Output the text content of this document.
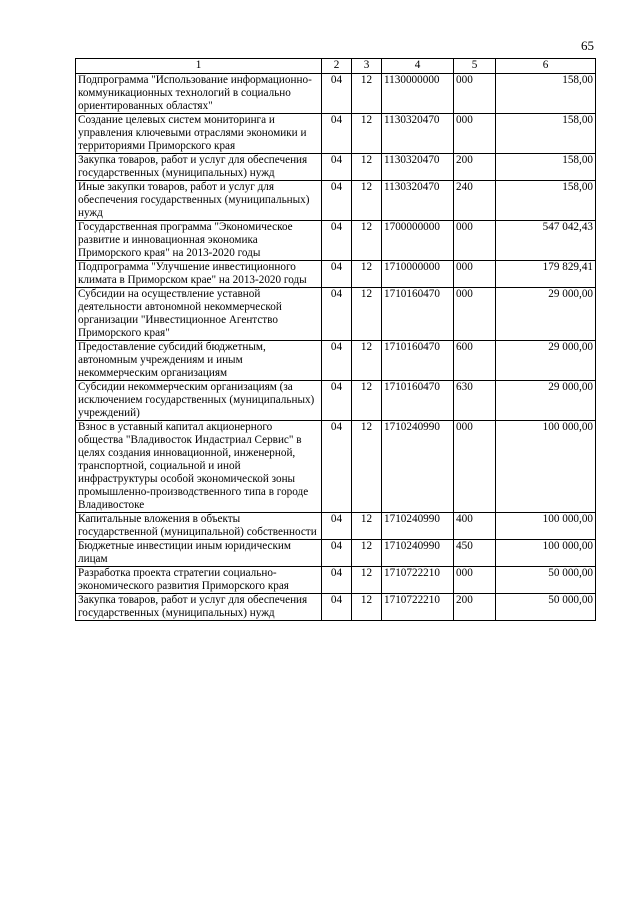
65
1	2	3	4	5	6
Подпрограмма "Использование информационно-коммуникационных технологий в социально ориентированных областях"	04	12	1130000000	000	158,00
Создание целевых систем мониторинга и управления ключевыми отраслями экономики и территориями Приморского края	04	12	1130320470	000	158,00
Закупка товаров, работ и услуг для обеспечения государственных (муниципальных) нужд	04	12	1130320470	200	158,00
Иные закупки товаров, работ и услуг для обеспечения государственных (муниципальных) нужд	04	12	1130320470	240	158,00
Государственная программа "Экономическое развитие и инновационная экономика Приморского края" на 2013-2020 годы	04	12	1700000000	000	547 042,43
Подпрограмма "Улучшение инвестиционного климата в Приморском крае" на 2013-2020 годы	04	12	1710000000	000	179 829,41
Субсидии на осуществление уставной деятельности автономной некоммерческой организации "Инвестиционное Агентство Приморского края"	04	12	1710160470	000	29 000,00
Предоставление субсидий бюджетным, автономным учреждениям и иным некоммерческим организациям	04	12	1710160470	600	29 000,00
Субсидии некоммерческим организациям (за исключением государственных (муниципальных) учреждений)	04	12	1710160470	630	29 000,00
Взнос в уставный капитал акционерного общества "Владивосток Индастриал Сервис" в целях создания инновационной, инженерной, транспортной, социальной и иной инфраструктуры особой экономической зоны промышленно-производственного типа в городе Владивостоке	04	12	1710240990	000	100 000,00
Капитальные вложения в объекты государственной (муниципальной) собственности	04	12	1710240990	400	100 000,00
Бюджетные инвестиции иным юридическим лицам	04	12	1710240990	450	100 000,00
Разработка проекта стратегии социально-экономического развития Приморского края	04	12	1710722210	000	50 000,00
Закупка товаров, работ и услуг для обеспечения государственных (муниципальных) нужд	04	12	1710722210	200	50 000,00
